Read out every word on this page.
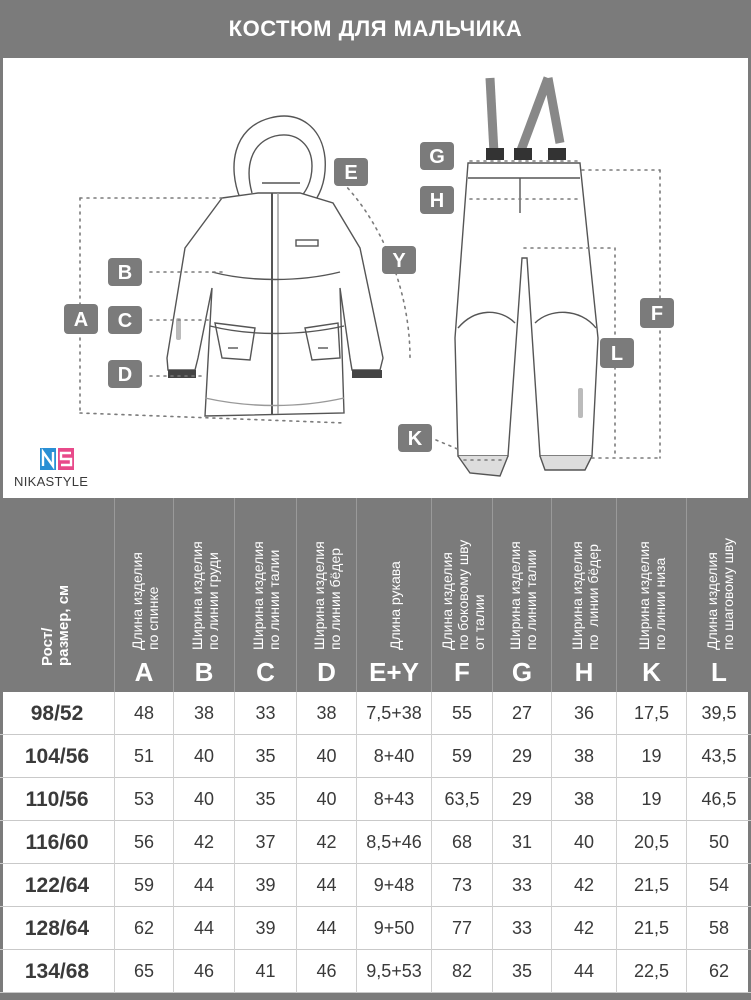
КОСТЮМ ДЛЯ МАЛЬЧИКА
B
C
D
A
E
Y
G
H
F
L
K
NIKASTYLE
Рост/
размер, см
Длина изделия
по спинке
A
Ширина изделия
по линии груди
B
Ширина изделия
по линии талии
C
Ширина изделия
по линии бёдер
D
Длина рукава
E+Y
Длина изделия
по боковому шву
от талии
F
Ширина изделия
по линии талии
G
Ширина изделия
по  линии бёдер
H
Ширина изделия
по линии низа
K
Длина изделия
по шаговому шву
L
98/52	48	38	33	38	7,5+38	55	27	36	17,5	39,5
104/56	51	40	35	40	8+40	59	29	38	19	43,5
110/56	53	40	35	40	8+43	63,5	29	38	19	46,5
116/60	56	42	37	42	8,5+46	68	31	40	20,5	50
122/64	59	44	39	44	9+48	73	33	42	21,5	54
128/64	62	44	39	44	9+50	77	33	42	21,5	58
134/68	65	46	41	46	9,5+53	82	35	44	22,5	62
